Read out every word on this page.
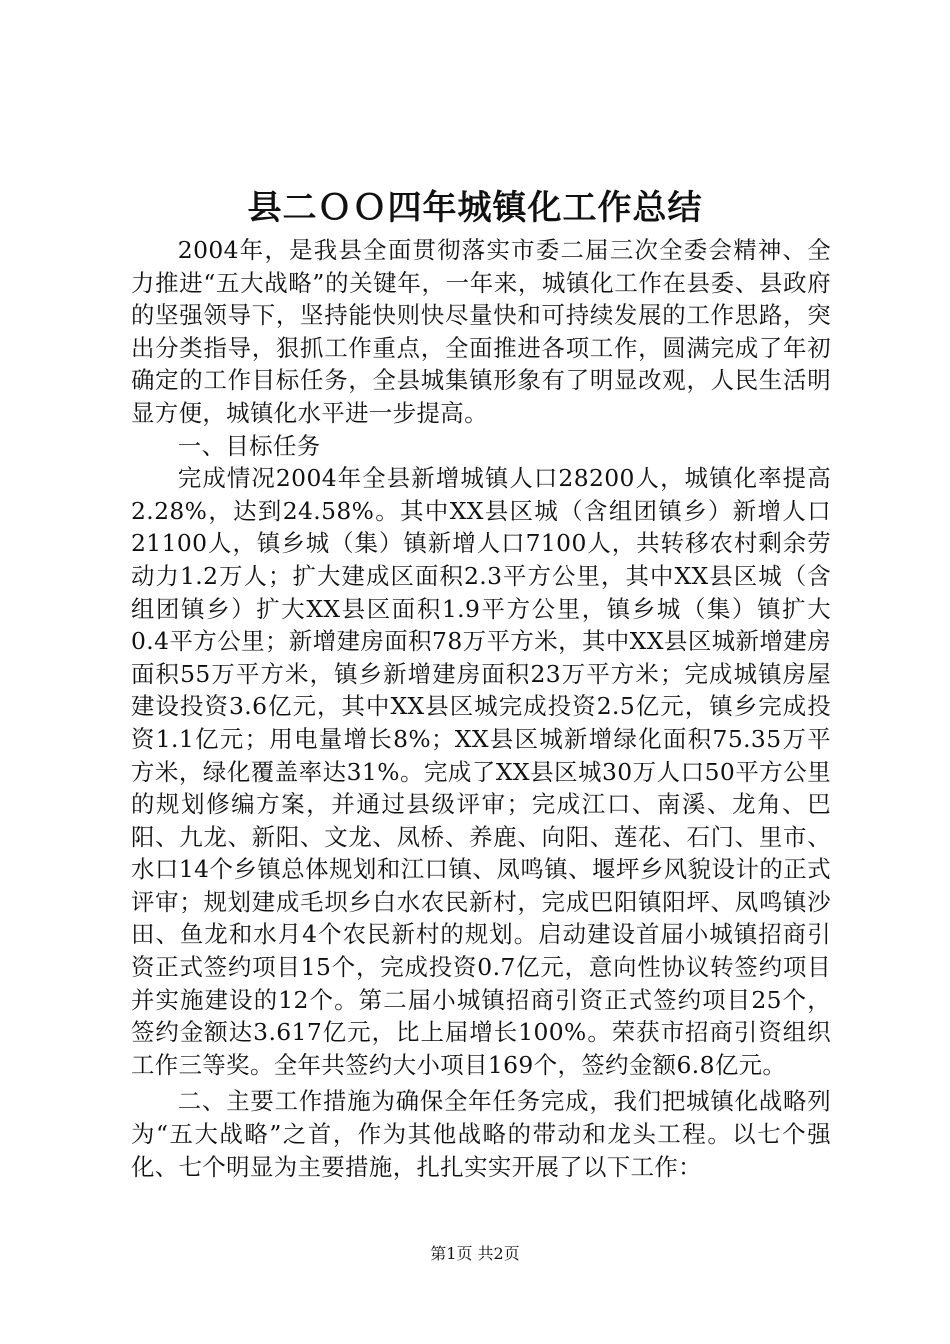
县二ＯＯ四年城镇化工作总结

2004年，是我县全面贯彻落实市委二届三次全委会精神、全力推进“五大战略”的关键年，一年来，城镇化工作在县委、县政府的坚强领导下，坚持能快则快尽量快和可持续发展的工作思路，突出分类指导，狠抓工作重点，全面推进各项工作，圆满完成了年初确定的工作目标任务，全县城集镇形象有了明显改观，人民生活明显方便，城镇化水平进一步提高。

一、目标任务

完成情况2004年全县新增城镇人口28200人，城镇化率提高2.28%，达到24.58%。其中XX县区城（含组团镇乡）新增人口21100人，镇乡城（集）镇新增人口7100人，共转移农村剩余劳动力1.2万人；扩大建成区面积2.3平方公里，其中XX县区城（含组团镇乡）扩大XX县区面积1.9平方公里，镇乡城（集）镇扩大0.4平方公里；新增建房面积78万平方米，其中XX县区城新增建房面积55万平方米，镇乡新增建房面积23万平方米；完成城镇房屋建设投资3.6亿元，其中XX县区城完成投资2.5亿元，镇乡完成投资1.1亿元；用电量增长8%；XX县区城新增绿化面积75.35万平方米，绿化覆盖率达31%。完成了XX县区城30万人口50平方公里的规划修编方案，并通过县级评审；完成江口、南溪、龙角、巴阳、九龙、新阳、文龙、凤桥、养鹿、向阳、莲花、石门、里市、水口14个乡镇总体规划和江口镇、凤鸣镇、堰坪乡风貌设计的正式评审；规划建成毛坝乡白水农民新村，完成巴阳镇阳坪、凤鸣镇沙田、鱼龙和水月4个农民新村的规划。启动建设首届小城镇招商引资正式签约项目15个，完成投资0.7亿元，意向性协议转签约项目并实施建设的12个。第二届小城镇招商引资正式签约项目25个，签约金额达3.617亿元，比上届增长100%。荣获市招商引资组织工作三等奖。全年共签约大小项目169个，签约金额6.8亿元。

二、主要工作措施为确保全年任务完成，我们把城镇化战略列为“五大战略”之首，作为其他战略的带动和龙头工程。以七个强化、七个明显为主要措施，扎扎实实开展了以下工作：

第1页 共2页
